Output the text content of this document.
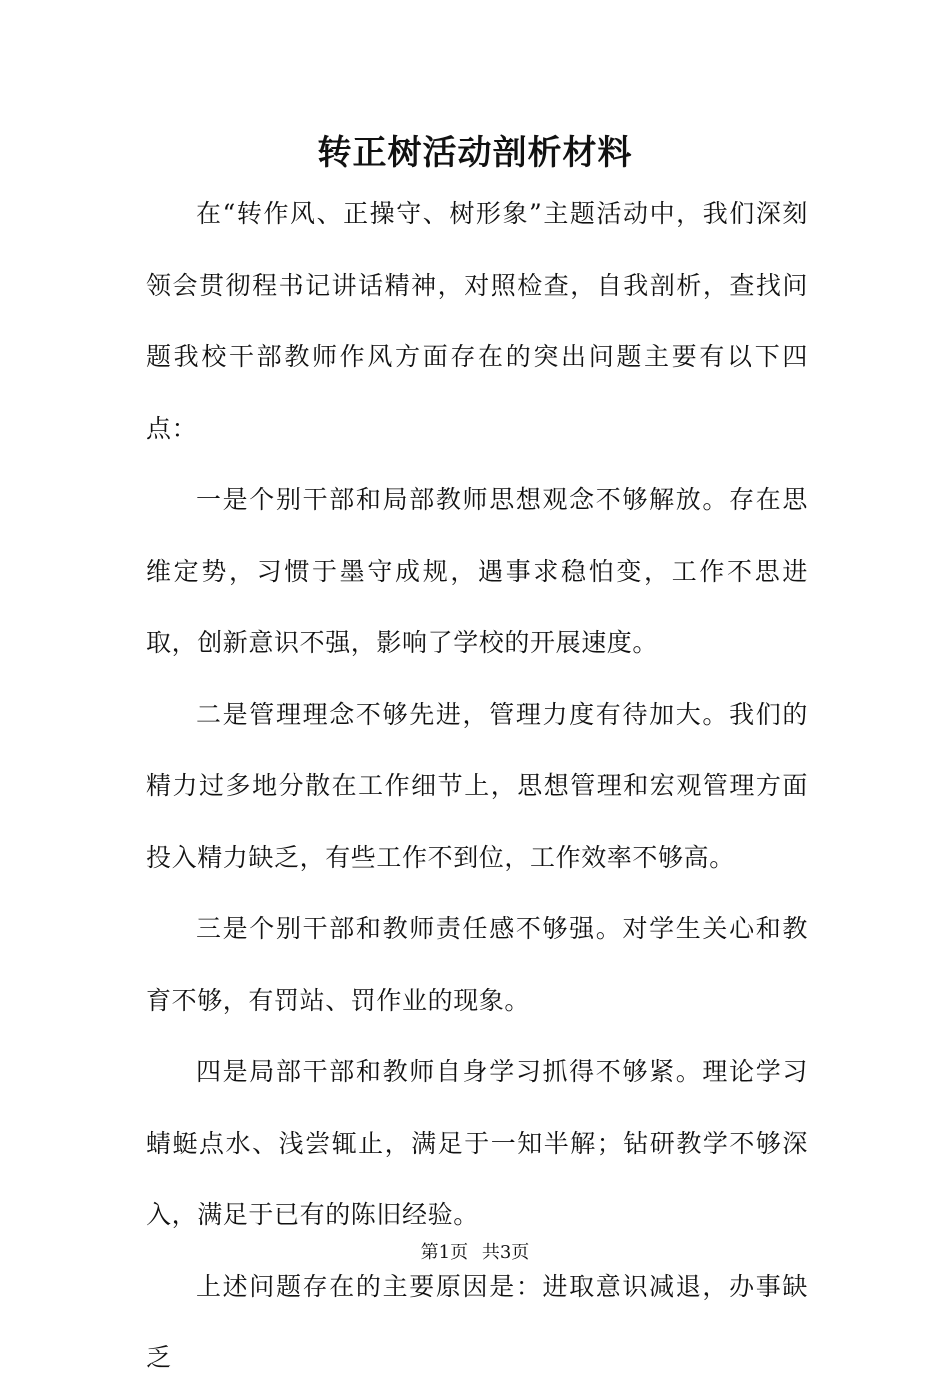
转正树活动剖析材料

在“转作风、正操守、树形象”主题活动中，我们深刻领会贯彻程书记讲话精神，对照检查，自我剖析，查找问题我校干部教师作风方面存在的突出问题主要有以下四点：

一是个别干部和局部教师思想观念不够解放。存在思维定势，习惯于墨守成规，遇事求稳怕变，工作不思进取，创新意识不强，影响了学校的开展速度。

二是管理理念不够先进，管理力度有待加大。我们的精力过多地分散在工作细节上，思想管理和宏观管理方面投入精力缺乏，有些工作不到位，工作效率不够高。

三是个别干部和教师责任感不够强。对学生关心和教育不够，有罚站、罚作业的现象。

四是局部干部和教师自身学习抓得不够紧。理论学习蜻蜓点水、浅尝辄止，满足于一知半解；钻研教学不够深入，满足于已有的陈旧经验。

上述问题存在的主要原因是：进取意识减退，办事缺乏

第1页 共3页
